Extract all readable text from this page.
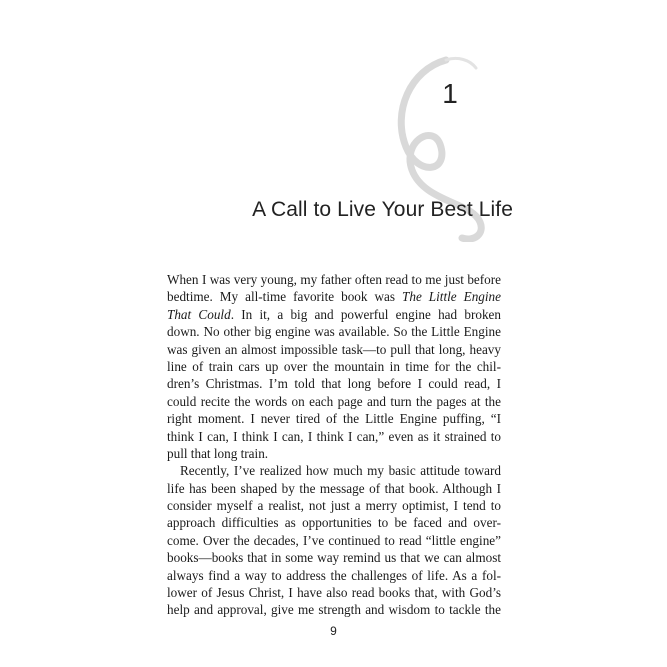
1
A Call to Live Your Best Life
When I was very young, my father often read to me just before
bedtime. My all-time favorite book was The Little Engine
That Could. In it, a big and powerful engine had broken
down. No other big engine was available. So the Little Engine
was given an almost impossible task—to pull that long, heavy
line of train cars up over the mountain in time for the chil-
dren’s Christmas. I’m told that long before I could read, I
could recite the words on each page and turn the pages at the
right moment. I never tired of the Little Engine puffing, “I
think I can, I think I can, I think I can,” even as it strained to
pull that long train.
Recently, I’ve realized how much my basic attitude toward
life has been shaped by the message of that book. Although I
consider myself a realist, not just a merry optimist, I tend to
approach difficulties as opportunities to be faced and over-
come. Over the decades, I’ve continued to read “little engine”
books—books that in some way remind us that we can almost
always find a way to address the challenges of life. As a fol-
lower of Jesus Christ, I have also read books that, with God’s
help and approval, give me strength and wisdom to tackle the
9
